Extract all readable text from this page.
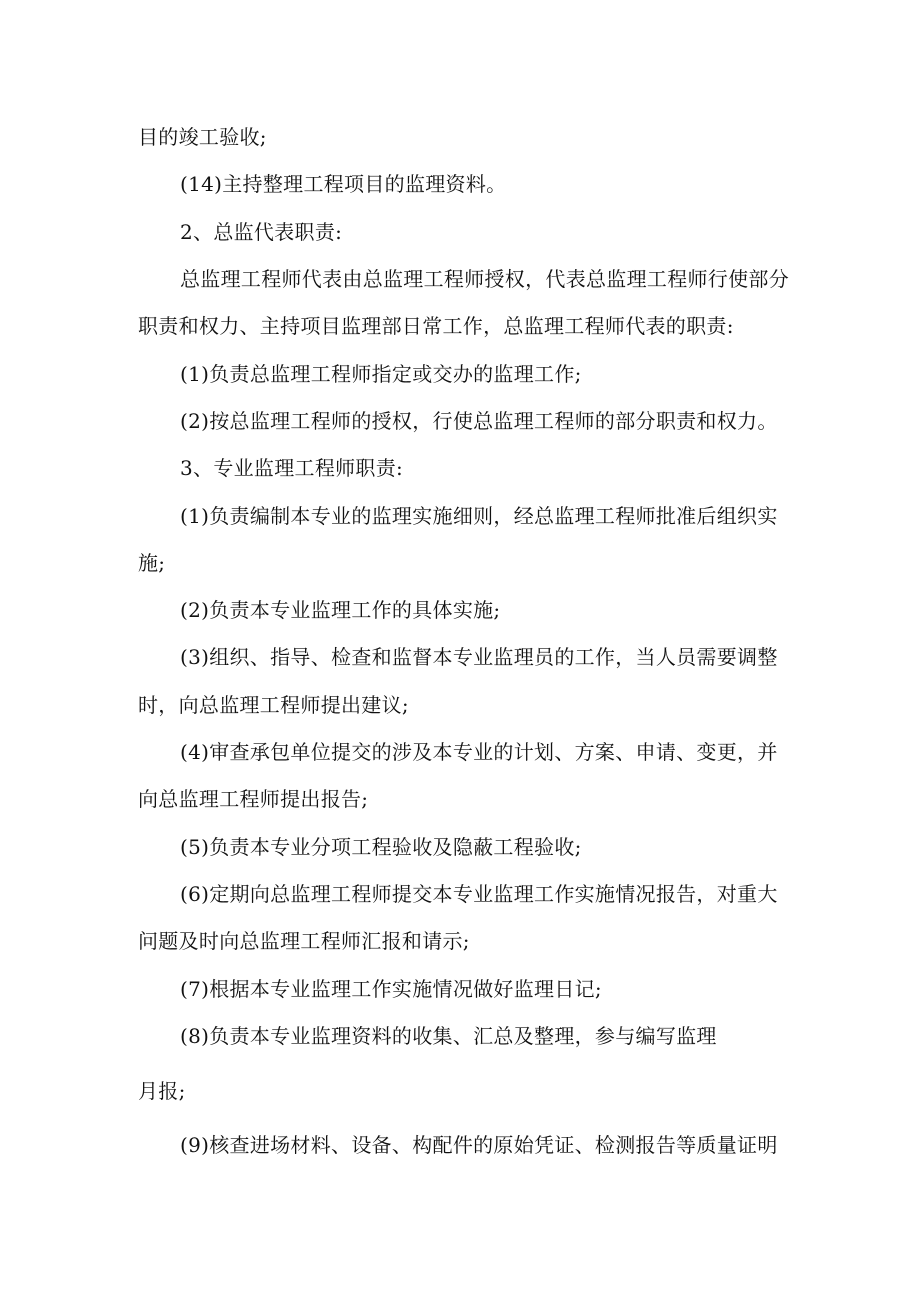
目的竣工验收;
(14)主持整理工程项目的监理资料。
2、总监代表职责:
总监理工程师代表由总监理工程师授权，代表总监理工程师行使部分
职责和权力、主持项目监理部日常工作，总监理工程师代表的职责:
(1)负责总监理工程师指定或交办的监理工作;
(2)按总监理工程师的授权，行使总监理工程师的部分职责和权力。
3、专业监理工程师职责:
(1)负责编制本专业的监理实施细则，经总监理工程师批准后组织实
施;
(2)负责本专业监理工作的具体实施;
(3)组织、指导、检查和监督本专业监理员的工作，当人员需要调整
时，向总监理工程师提出建议;
(4)审查承包单位提交的涉及本专业的计划、方案、申请、变更，并
向总监理工程师提出报告;
(5)负责本专业分项工程验收及隐蔽工程验收;
(6)定期向总监理工程师提交本专业监理工作实施情况报告，对重大
问题及时向总监理工程师汇报和请示;
(7)根据本专业监理工作实施情况做好监理日记;
(8)负责本专业监理资料的收集、汇总及整理，参与编写监理
月报;
(9)核查进场材料、设备、构配件的原始凭证、检测报告等质量证明
